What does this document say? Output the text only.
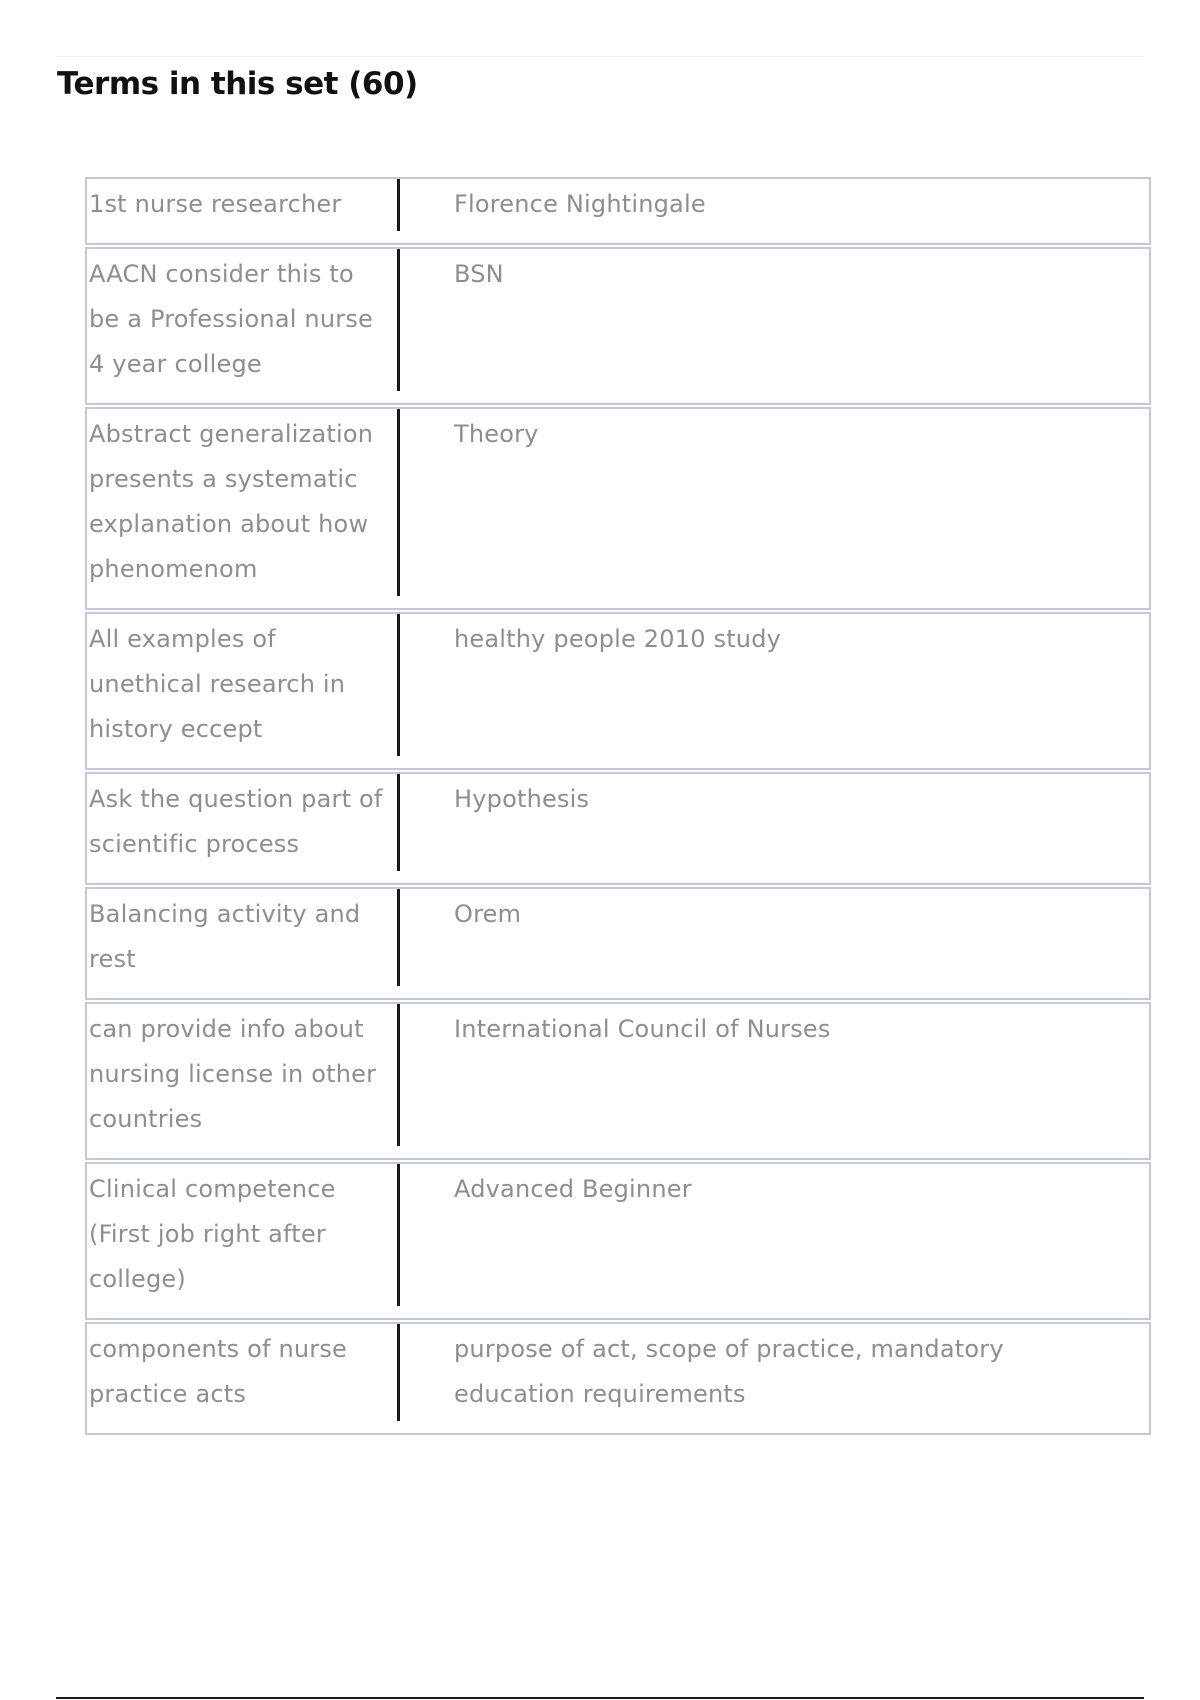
Terms in this set (60)
1st nurse researcher	Florence Nightingale
AACN consider this to be a Professional nurse 4 year college
BSN
Abstract generalization presents a systematic explanation about how phenomenom
Theory
All examples of unethical research in history eccept
healthy people 2010 study
Ask the question part of scientific process
Hypothesis
Balancing activity and rest
Orem
can provide info about nursing license in other countries
International Council of Nurses
Clinical competence (First job right after college)
Advanced Beginner
components of nurse practice acts
purpose of act, scope of practice, mandatory education requirements
